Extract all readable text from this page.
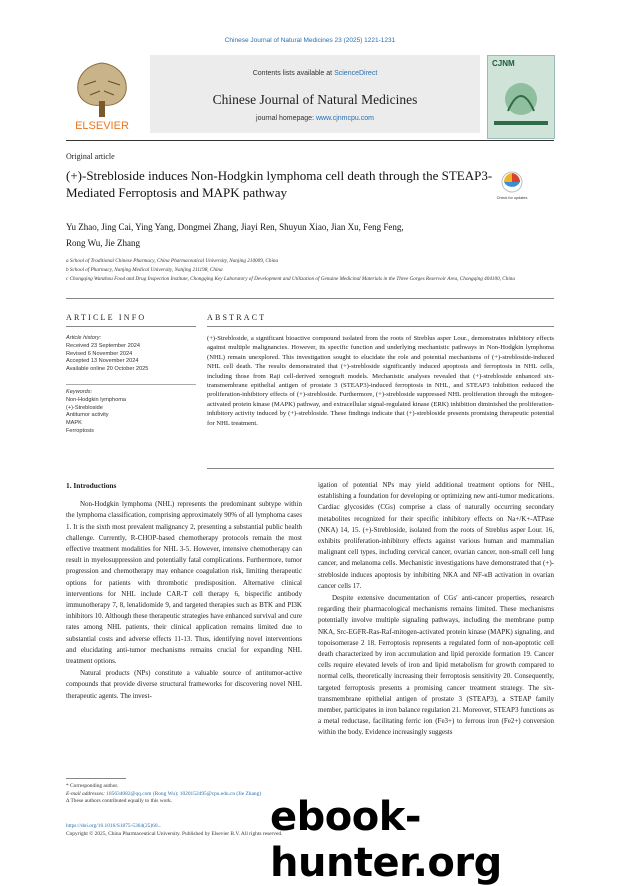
Chinese Journal of Natural Medicines 23 (2025) 1221-1231
ELSEVIER
Contents lists available at ScienceDirect
Chinese Journal of Natural Medicines
journal homepage: www.cjnmcpu.com
CJNM
Original article
(+)-Strebloside induces Non-Hodgkin lymphoma cell death through the STEAP3-Mediated Ferroptosis and MAPK pathway	Check for updates
Yu Zhao, Jing Cai, Ying Yang, Dongmei Zhang, Jiayi Ren, Shuyun Xiao, Jian Xu, Feng Feng,
Rong Wu, Jie Zhang
a School of Traditional Chinese Pharmacy, China Pharmaceutical University, Nanjing 210009, China
b School of Pharmacy, Nanjing Medical University, Nanjing 211198, China
c Chongqing Wanzhou Food and Drug Inspection Institute, Chongqing Key Laboratory of Development and Utilization of Genuine Medicinal Materials in the Three Gorges Reservoir Area, Chongqing 404100, China
ARTICLE INFO	ABSTRACT
Article history:
Received 23 September 2024
Revised 6 November 2024
Accepted 13 November 2024
Available online 20 October 2025
Keywords:
Non-Hodgkin lymphoma
(+)-Strebloside
Antitumor activity
MAPK
Ferroptosis
(+)-Strebloside, a significant bioactive compound isolated from the roots of Streblus asper Lour., demonstrates inhibitory effects against multiple malignancies. However, its specific function and underlying mechanistic pathways in Non-Hodgkin lymphoma (NHL) remain unexplored. This investigation sought to elucidate the role and potential mechanisms of (+)-strebloside-induced NHL cell death. The results demonstrated that (+)-strebloside significantly induced apoptosis and ferroptosis in NHL cells, including those from Raji cell-derived xenograft models. Mechanistic analyses revealed that (+)-strebloside enhanced six-transmembrane epithelial antigen of prostate 3 (STEAP3)-induced ferroptosis in NHL, and STEAP3 inhibition reduced the proliferation-inhibitory effects of (+)-strebloside. Furthermore, (+)-strebloside suppressed NHL proliferation through the mitogen-activated protein kinase (MAPK) pathway, and extracellular signal-regulated kinase (ERK) inhibition diminished the proliferation-inhibitory activity induced by (+)-strebloside. These findings indicate that (+)-strebloside presents promising therapeutic potential for NHL treatment.
1. Introductions

Non-Hodgkin lymphoma (NHL) represents the predominant subtype within the lymphoma classification, comprising approximately 90% of all lymphoma cases 1. It is the sixth most prevalent malignancy 2, presenting a substantial public health challenge. Currently, R-CHOP-based chemotherapy protocols remain the most effective treatment modalities for NHL 3-5. However, intensive chemotherapy can result in myelosuppression and potentially fatal complications. Furthermore, tumor progression and chemotherapy may enhance coagulation risk, limiting therapeutic options for patients with thrombotic predisposition. Alternative clinical interventions for NHL include CAR-T cell therapy 6, bispecific antibody immunotherapy 7, 8, lenalidomide 9, and targeted therapies such as BTK and PI3K inhibitors 10. Although these therapeutic strategies have enhanced survival and cure rates among NHL patients, their clinical application remains limited due to substantial costs and adverse effects 11-13. Thus, identifying novel interventions and elucidating anti-tumor mechanisms remains crucial for expanding NHL treatment options.

Natural products (NPs) constitute a valuable source of antitumor-active compounds that provide diverse structural frameworks for discovering novel NHL therapeutic agents. The invest-

igation of potential NPs may yield additional treatment options for NHL, establishing a foundation for developing or optimizing new anti-tumor medications. Cardiac glycosides (CGs) comprise a class of naturally occurring secondary metabolites recognized for their specific inhibitory effects on Na+/K+-ATPase (NKA) 14, 15. (+)-Strebloside, isolated from the roots of Streblus asper Lour. 16, exhibits proliferation-inhibitory effects against various human and mammalian malignant cell types, including cervical cancer, ovarian cancer, non-small cell lung cancer, and melanoma cells. Mechanistic investigations have demonstrated that (+)-strebloside induces apoptosis by inhibiting NKA and NF-κB activation in ovarian cancer cells 17.

Despite extensive documentation of CGs' anti-cancer properties, research regarding their pharmacological mechanisms remains limited. These mechanisms potentially involve multiple signaling pathways, including the membrane pump NKA, Src-EGFR-Ras-Raf-mitogen-activated protein kinase (MAPK) signaling, and topoisomerase 2 18. Ferroptosis represents a regulated form of non-apoptotic cell death characterized by iron accumulation and lipid peroxide formation 19. Cancer cells require elevated levels of iron and lipid metabolism for growth compared to normal cells, theoretically increasing their ferroptosis sensitivity 20. Consequently, targeted ferroptosis presents a promising cancer treatment strategy. The six-transmembrane epithelial antigen of prostate 3 (STEAP3), a STEAP family member, participates in iron balance regulation 21. Moreover, STEAP3 functions as a metal reductase, facilitating ferric ion (Fe3+) to ferrous iron (Fe2+) conversion within the body. Evidence increasingly suggests

* Corresponding author.
E-mail addresses: 185634082@qq.com (Rong Wu); 1020152495@cpu.edu.cn (Jie Zhang)
Δ These authors contributed equally to this work.
https://doi.org/10.1016/S1875-5364(25)60...
Copyright © 2025, China Pharmaceutical University. Published by Elsevier B.V. All rights reserved.
ebook-hunter.org
